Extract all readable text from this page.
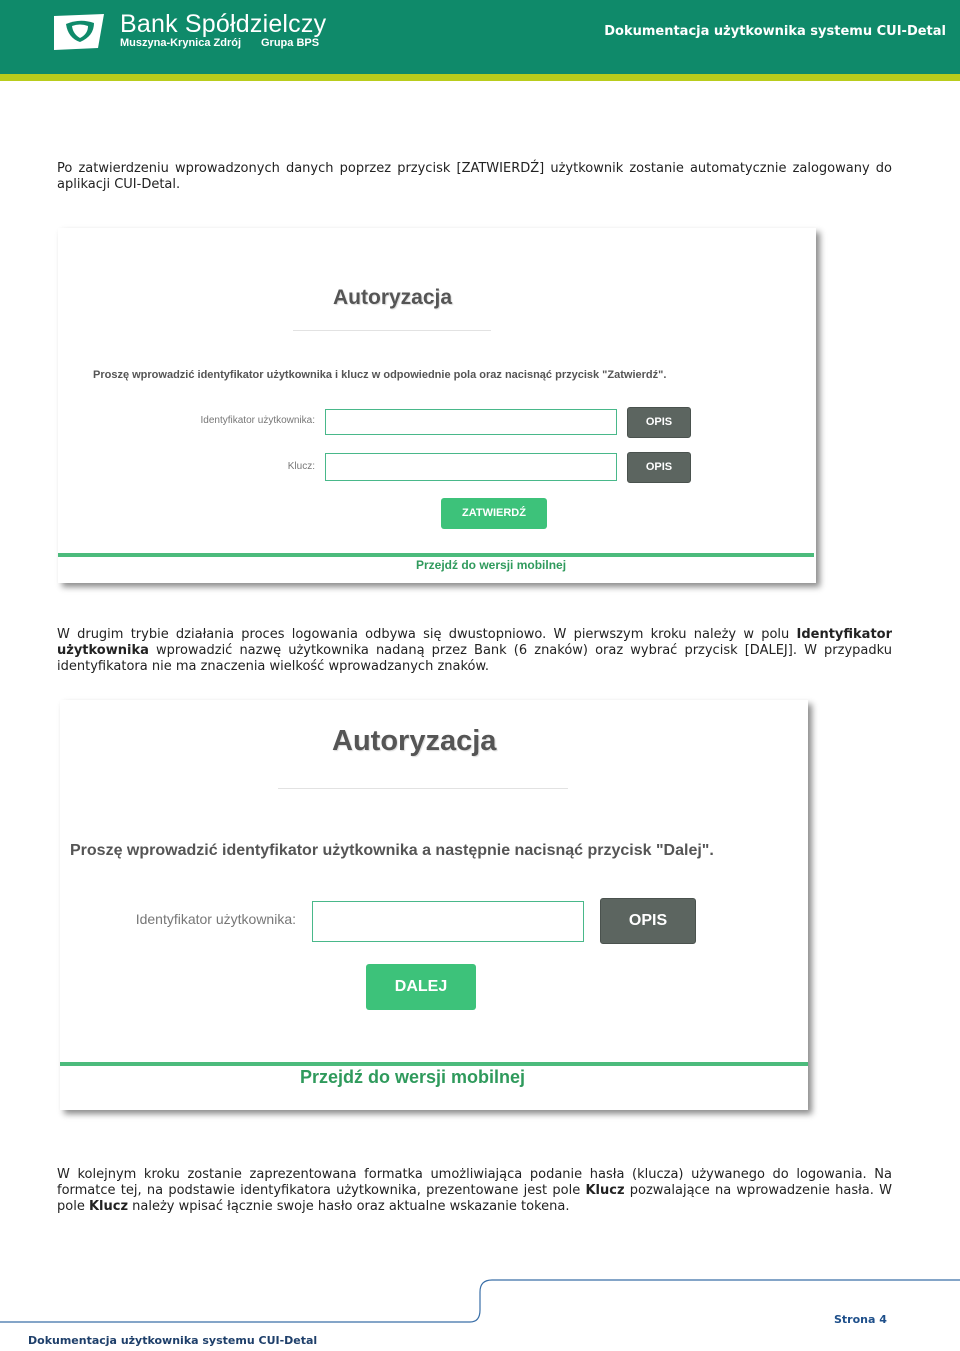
Bank Spółdzielczy
Muszyna-Krynica Zdrój Grupa BPS
Dokumentacja użytkownika systemu CUI-Detal
Po zatwierdzeniu wprowadzonych danych poprzez przycisk [ZATWIERDŹ] użytkownik zostanie automatycznie zalogowany do aplikacji CUI-Detal.
Autoryzacja
Proszę wprowadzić identyfikator użytkownika i klucz w odpowiednie pola oraz nacisnąć przycisk "Zatwierdź".
Identyfikator użytkownika:	OPIS
Klucz:	OPIS
ZATWIERDŹ
Przejdź do wersji mobilnej
W drugim trybie działania proces logowania odbywa się dwustopniowo. W pierwszym kroku należy w polu Identyfikator użytkownika wprowadzić nazwę użytkownika nadaną przez Bank (6 znaków) oraz wybrać przycisk [DALEJ]. W przypadku identyfikatora nie ma znaczenia wielkość wprowadzanych znaków.
Autoryzacja
Proszę wprowadzić identyfikator użytkownika a następnie nacisnąć przycisk "Dalej".
Identyfikator użytkownika:	OPIS
DALEJ
Przejdź do wersji mobilnej
W kolejnym kroku zostanie zaprezentowana formatka umożliwiająca podanie hasła (klucza) używanego do logowania. Na formatce tej, na podstawie identyfikatora użytkownika, prezentowane jest pole Klucz pozwalające na wprowadzenie hasła. W pole Klucz należy wpisać łącznie swoje hasło oraz aktualne wskazanie tokena.
Strona 4
Dokumentacja użytkownika systemu CUI-Detal
